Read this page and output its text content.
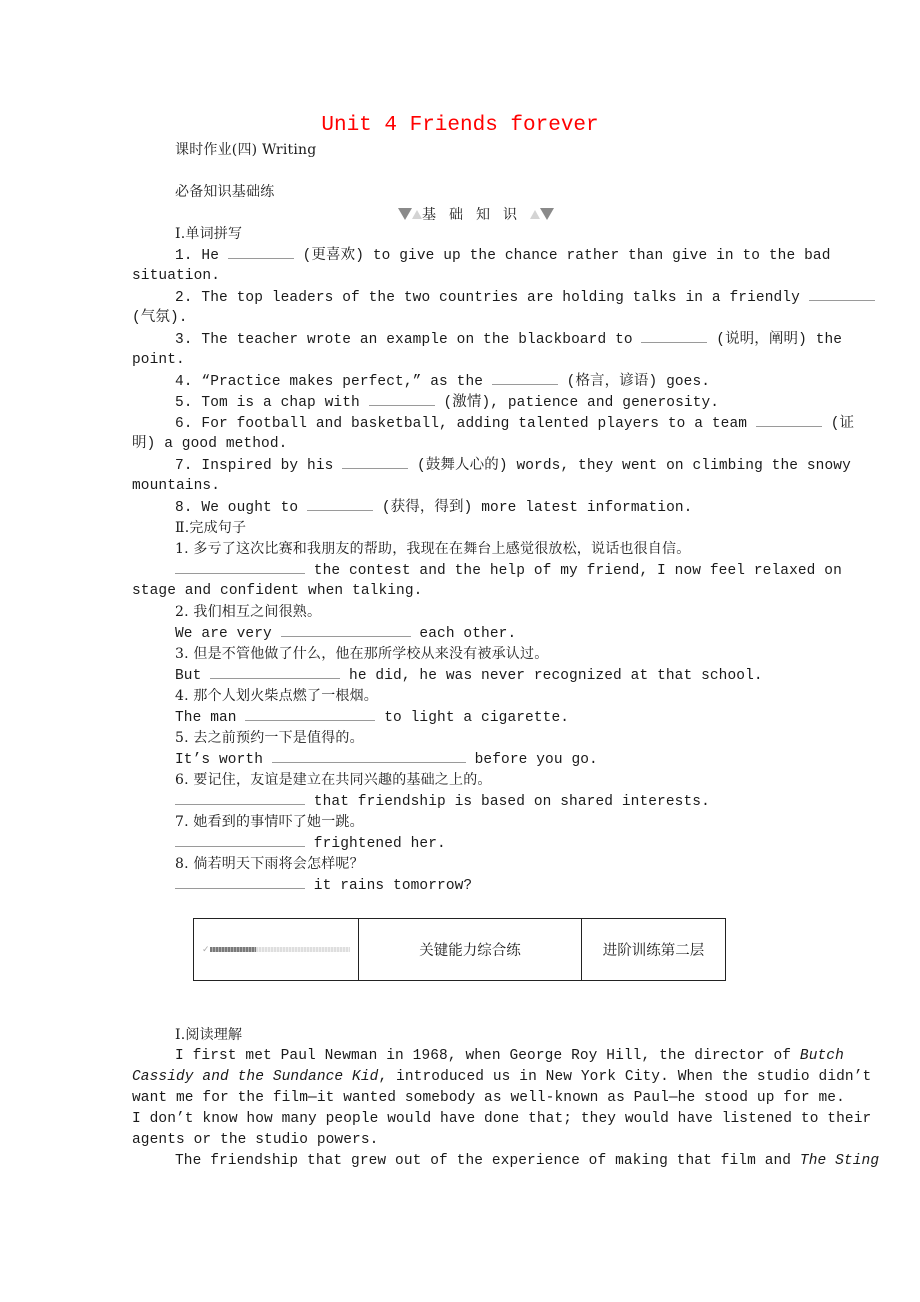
Unit 4 Friends forever
课时作业(四) Writing
必备知识基础练
基础知识
Ⅰ.单词拼写
1. He	(更喜欢) to give up the chance rather than give in to the bad
situation.
2. The top leaders of the two countries are holding talks in a friendly
(气氛).
3. The teacher wrote an example on the blackboard to	(说明，阐明) the
point.
4. “Practice makes perfect,” as the	(格言，谚语) goes.
5. Tom is a chap with	(激情), patience and generosity.
6. For football and basketball, adding talented players to a team	(证
明) a good method.
7. Inspired by his	(鼓舞人心的) words, they went on climbing the snowy
mountains.
8. We ought to	(获得，得到) more latest information.
Ⅱ.完成句子
1. 多亏了这次比赛和我朋友的帮助，我现在在舞台上感觉很放松，说话也很自信。
the contest and the help of my friend, I now feel relaxed on
stage and confident when talking.
2. 我们相互之间很熟。
We are very	each other.
3. 但是不管他做了什么，他在那所学校从来没有被承认过。
But	he did, he was never recognized at that school.
4. 那个人划火柴点燃了一根烟。
The man	to light a cigarette.
5. 去之前预约一下是值得的。
It’s worth	before you go.
6. 要记住，友谊是建立在共同兴趣的基础之上的。
that friendship is based on shared interests.
7. 她看到的事情吓了她一跳。
frightened her.
8. 倘若明天下雨将会怎样呢？
it rains tomorrow?
✓	关键能力综合练	进阶训练第二层
Ⅰ.阅读理解
I first met Paul Newman in 1968, when George Roy Hill, the director of Butch
Cassidy and the Sundance Kid, introduced us in New York City. When the studio didn’t
want me for the film—it wanted somebody as well-known as Paul—he stood up for me.
I don’t know how many people would have done that; they would have listened to their
agents or the studio powers.
The friendship that grew out of the experience of making that film and The Sting
